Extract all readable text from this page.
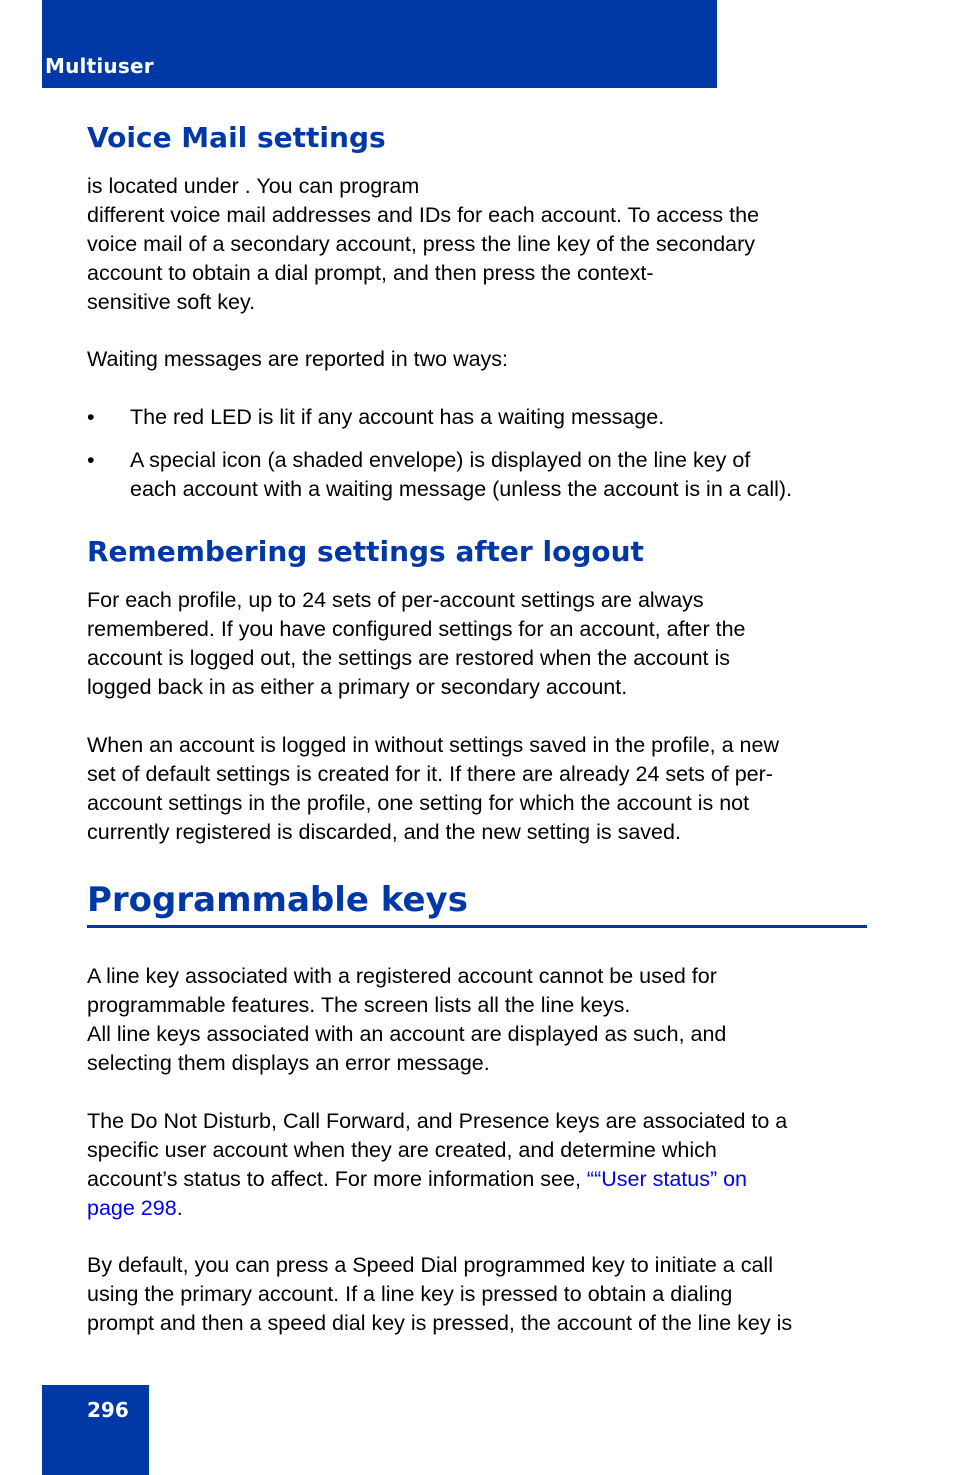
Multiuser
Voice Mail settings

is located under . You can program
different voice mail addresses and IDs for each account. To access the
voice mail of a secondary account, press the line key of the secondary
account to obtain a dial prompt, and then press the context-
sensitive soft key.

Waiting messages are reported in two ways:

• The red LED is lit if any account has a waiting message.

• A special icon (a shaded envelope) is displayed on the line key of
each account with a waiting message (unless the account is in a call).

Remembering settings after logout

For each profile, up to 24 sets of per-account settings are always
remembered. If you have configured settings for an account, after the
account is logged out, the settings are restored when the account is
logged back in as either a primary or secondary account.

When an account is logged in without settings saved in the profile, a new
set of default settings is created for it. If there are already 24 sets of per-
account settings in the profile, one setting for which the account is not
currently registered is discarded, and the new setting is saved.

Programmable keys

A line key associated with a registered account cannot be used for
programmable features. The screen lists all the line keys.
All line keys associated with an account are displayed as such, and
selecting them displays an error message.

The Do Not Disturb, Call Forward, and Presence keys are associated to a
specific user account when they are created, and determine which
account’s status to affect. For more information see, ““User status” on
page 298.

By default, you can press a Speed Dial programmed key to initiate a call
using the primary account. If a line key is pressed to obtain a dialing
prompt and then a speed dial key is pressed, the account of the line key is

296
